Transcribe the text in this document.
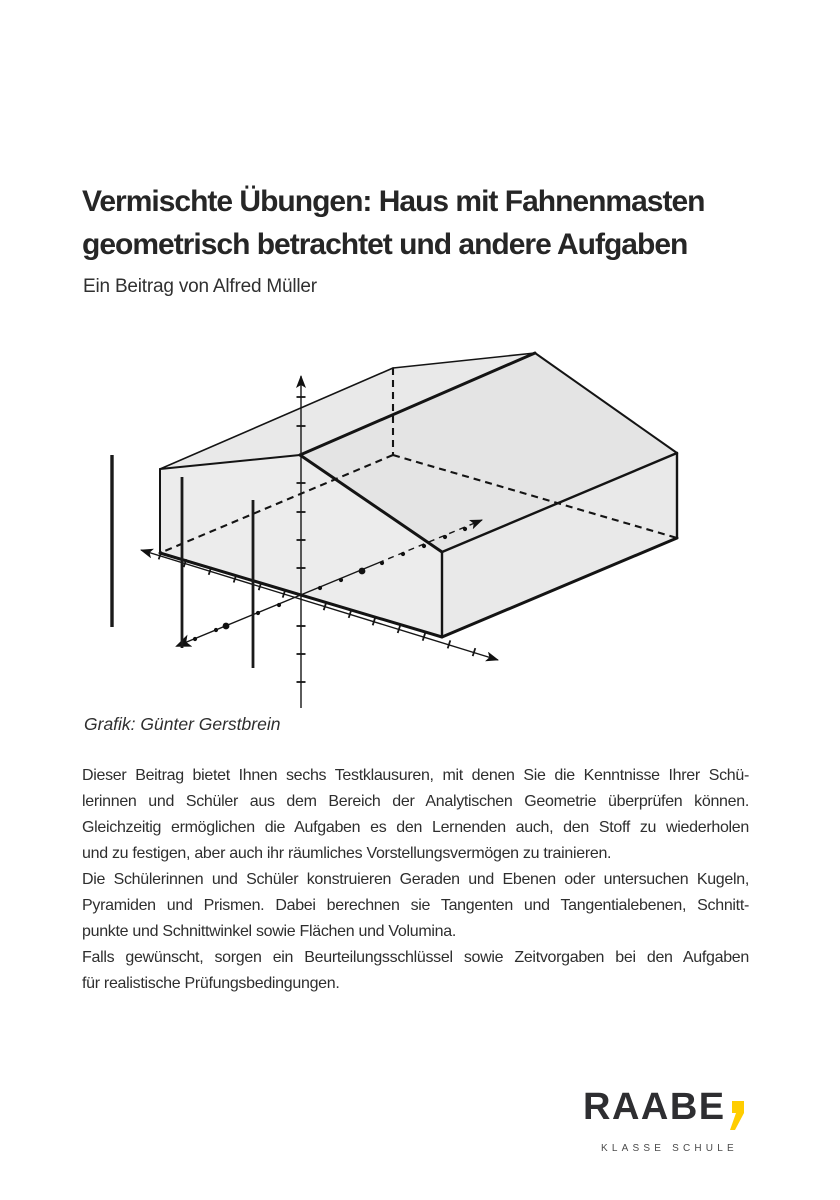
Vermischte Übungen: Haus mit Fahnenmasten
geometrisch betrachtet und andere Aufgaben
Ein Beitrag von Alfred Müller
Grafik: Günter Gerstbrein
Dieser Beitrag bietet Ihnen sechs Testklausuren, mit denen Sie die Kenntnisse Ihrer Schü-
lerinnen und Schüler aus dem Bereich der Analytischen Geometrie überprüfen können.
Gleichzeitig ermöglichen die Aufgaben es den Lernenden auch, den Stoff zu wiederholen
und zu festigen, aber auch ihr räumliches Vorstellungsvermögen zu trainieren.
Die Schülerinnen und Schüler konstruieren Geraden und Ebenen oder untersuchen Kugeln,
Pyramiden und Prismen. Dabei berechnen sie Tangenten und Tangentialebenen, Schnitt-
punkte und Schnittwinkel sowie Flächen und Volumina.
Falls gewünscht, sorgen ein Beurteilungsschlüssel sowie Zeitvorgaben bei den Aufgaben
für realistische Prüfungsbedingungen.
RAABE
KLASSE SCHULE
